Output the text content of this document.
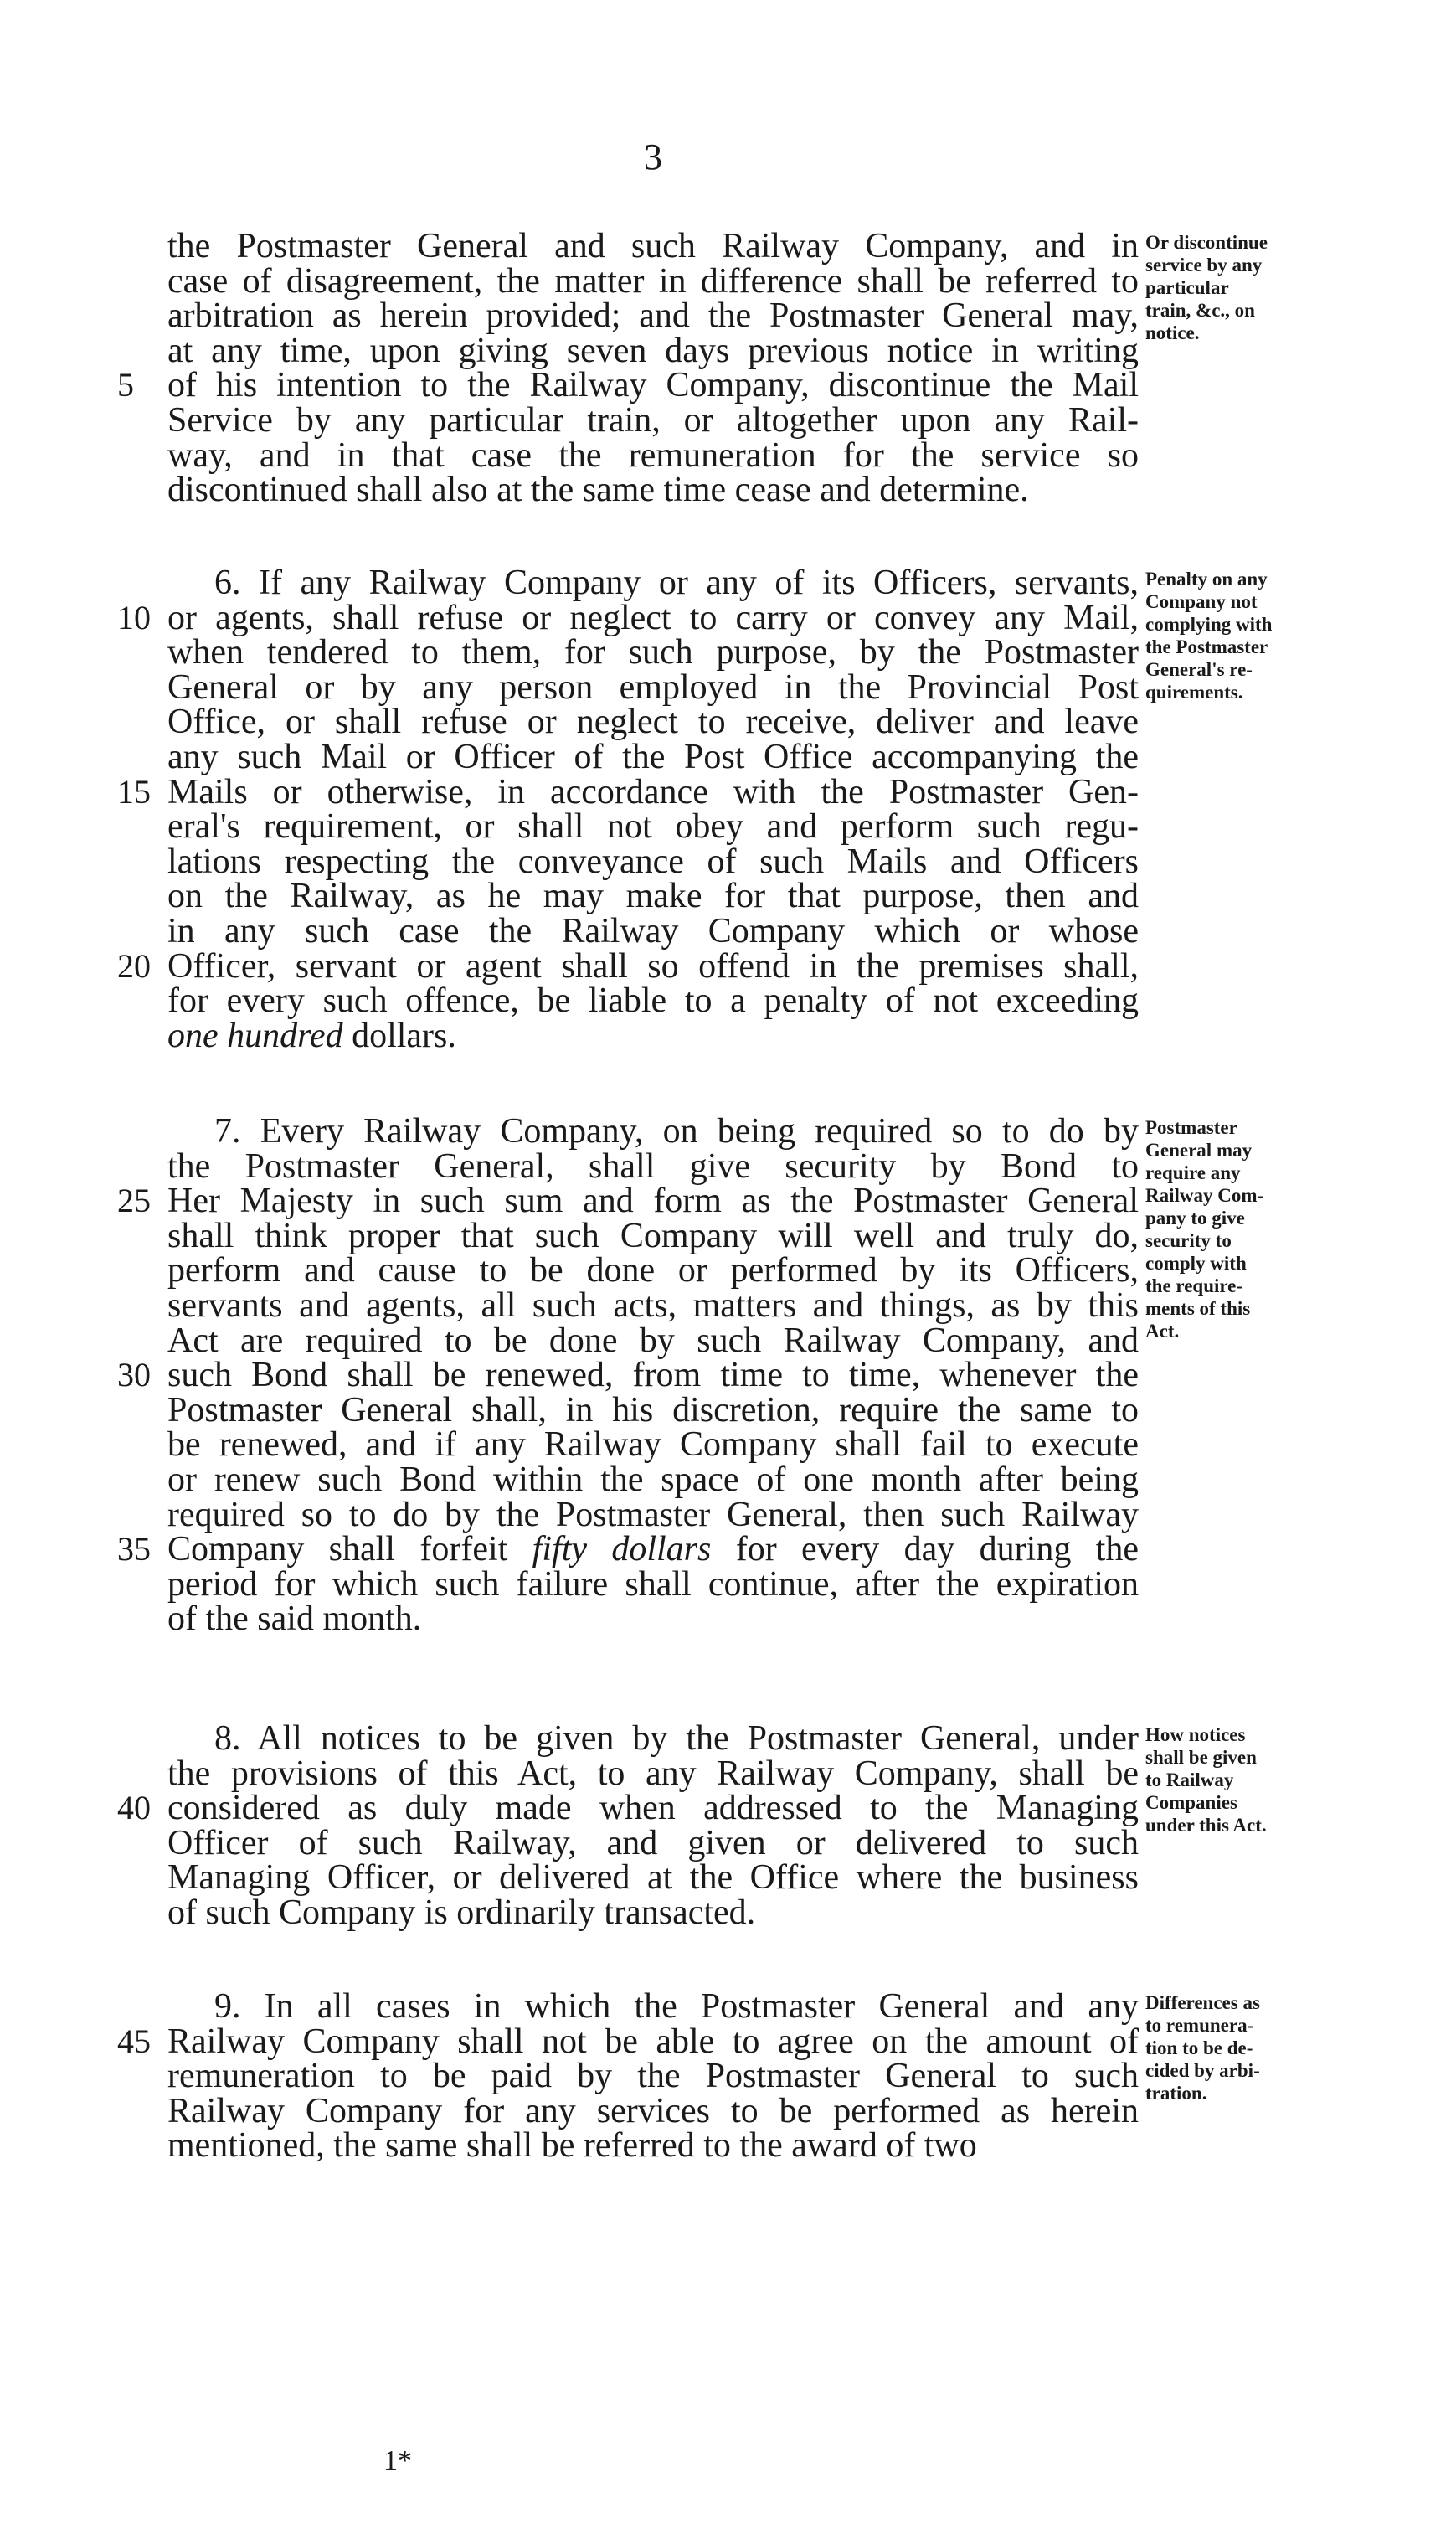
3
the Postmaster General and such Railway Company, and in
case of disagreement, the matter in difference shall be referred to
arbitration as herein provided; and the Postmaster General may,
at any time, upon giving seven days previous notice in writing
of his intention to the Railway Company, discontinue the Mail
5
Service by any particular train, or altogether upon any Rail-
way, and in that case the remuneration for the service so
discontinued shall also at the same time cease and determine.
Or discontinue
service by any
particular
train, &c., on
notice.
6. If any Railway Company or any of its Officers, servants,
or agents, shall refuse or neglect to carry or convey any Mail,
10
when tendered to them, for such purpose, by the Postmaster
General or by any person employed in the Provincial Post
Office, or shall refuse or neglect to receive, deliver and leave
any such Mail or Officer of the Post Office accompanying the
Mails or otherwise, in accordance with the Postmaster Gen-
15
eral's requirement, or shall not obey and perform such regu-
lations respecting the conveyance of such Mails and Officers
on the Railway, as he may make for that purpose, then and
in any such case the Railway Company which or whose
Officer, servant or agent shall so offend in the premises shall,
20
for every such offence, be liable to a penalty of not exceeding
one hundred dollars.
Penalty on any
Company not
complying with
the Postmaster
General's re-
quirements.
7. Every Railway Company, on being required so to do by
the Postmaster General, shall give security by Bond to
Her Majesty in such sum and form as the Postmaster General
25
shall think proper that such Company will well and truly do,
perform and cause to be done or performed by its Officers,
servants and agents, all such acts, matters and things, as by this
Act are required to be done by such Railway Company, and
such Bond shall be renewed, from time to time, whenever the
30
Postmaster General shall, in his discretion, require the same to
be renewed, and if any Railway Company shall fail to execute
or renew such Bond within the space of one month after being
required so to do by the Postmaster General, then such Railway
Company shall forfeit fifty dollars for every day during the
35
period for which such failure shall continue, after the expiration
of the said month.
Postmaster
General may
require any
Railway Com-
pany to give
security to
comply with
the require-
ments of this
Act.
8. All notices to be given by the Postmaster General, under
the provisions of this Act, to any Railway Company, shall be
considered as duly made when addressed to the Managing
40
Officer of such Railway, and given or delivered to such
Managing Officer, or delivered at the Office where the business
of such Company is ordinarily transacted.
How notices
shall be given
to Railway
Companies
under this Act.
9. In all cases in which the Postmaster General and any
Railway Company shall not be able to agree on the amount of
45
remuneration to be paid by the Postmaster General to such
Railway Company for any services to be performed as herein
mentioned, the same shall be referred to the award of two
Differences as
to remunera-
tion to be de-
cided by arbi-
tration.
1*
